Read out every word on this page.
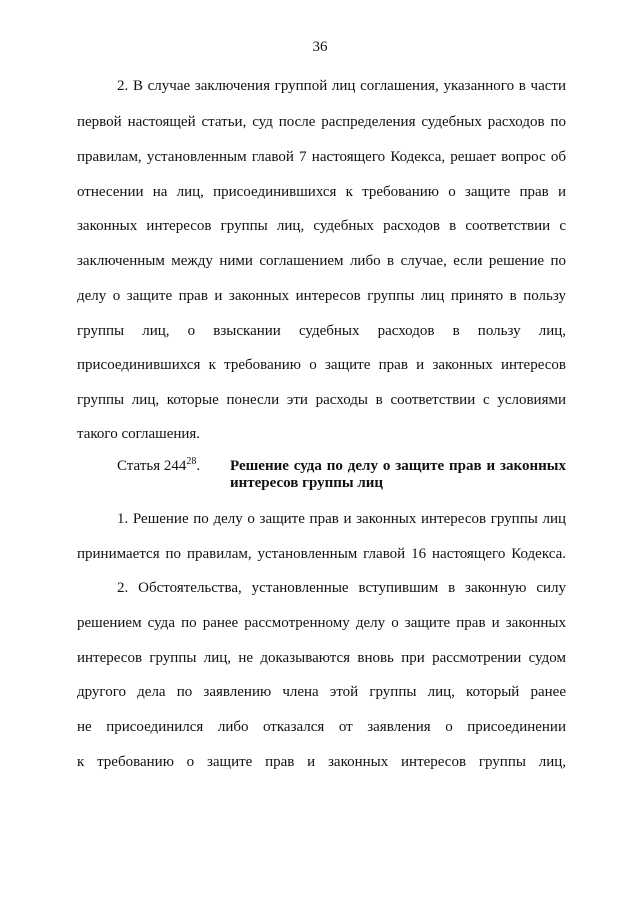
36
2. В случае заключения группой лиц соглашения, указанного в части
первой настоящей статьи, суд после распределения судебных расходов по
правилам, установленным главой 7 настоящего Кодекса, решает вопрос об
отнесении на лиц, присоединившихся к требованию о защите прав и
законных интересов группы лиц, судебных расходов в соответствии с
заключенным между ними соглашением либо в случае, если решение по
делу о защите прав и законных интересов группы лиц принято в пользу
группы лиц, о взыскании судебных расходов в пользу лиц,
присоединившихся к требованию о защите прав и законных интересов
группы лиц, которые понесли эти расходы в соответствии с условиями
такого соглашения.
Статья $244^{28}$. Решение суда по делу о защите прав и законных
интересов группы лиц
1. Решение по делу о защите прав и законных интересов группы лиц
принимается по правилам, установленным главой 16 настоящего Кодекса.
2. Обстоятельства, установленные вступившим в законную силу
решением суда по ранее рассмотренному делу о защите прав и законных
интересов группы лиц, не доказываются вновь при рассмотрении судом
другого дела по заявлению члена этой группы лиц, который ранее
не присоединился либо отказался от заявления о присоединении
к требованию о защите прав и законных интересов группы лиц,
